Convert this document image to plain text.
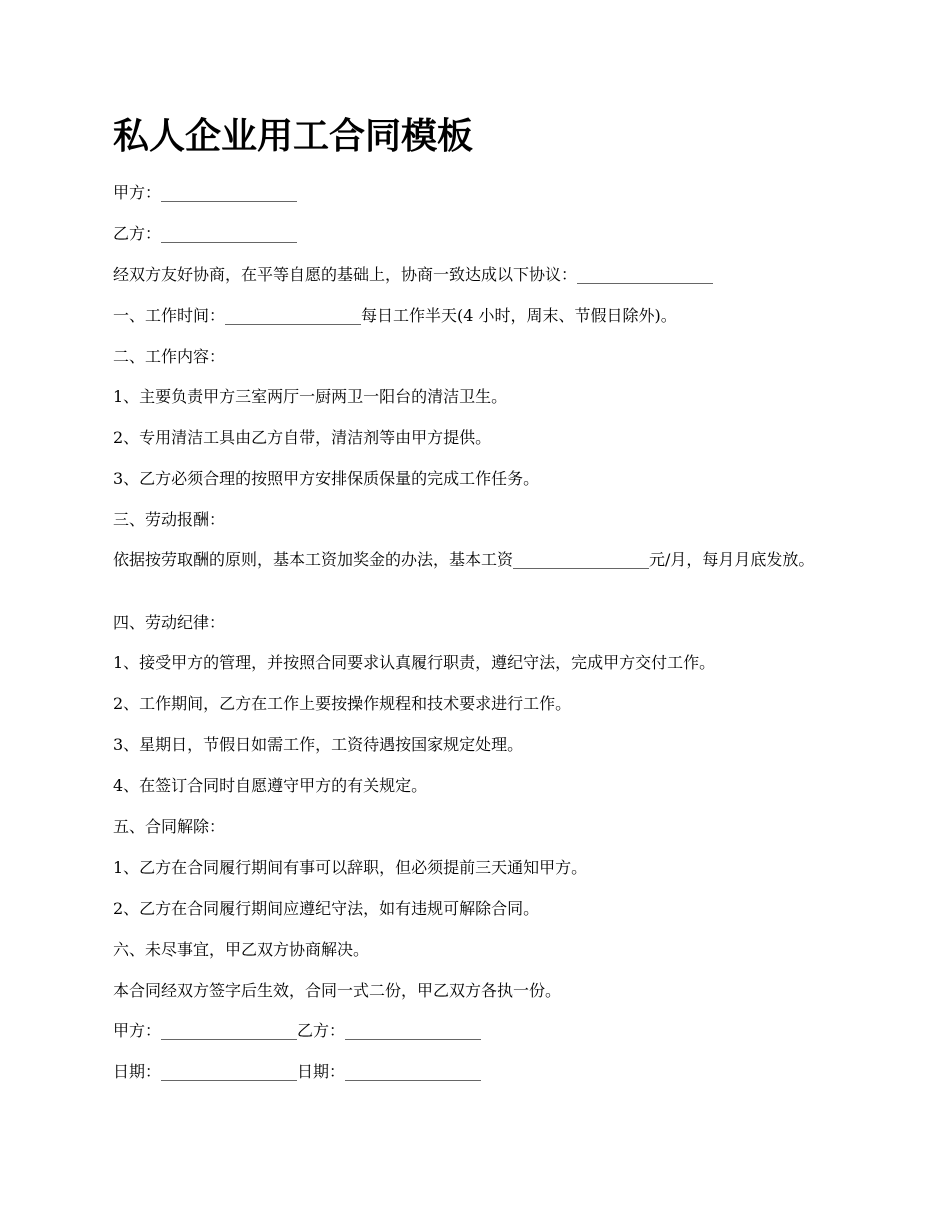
私人企业用工合同模板

甲方：_________________

乙方：_________________

经双方友好协商，在平等自愿的基础上，协商一致达成以下协议：_________________

一、工作时间：_________________每日工作半天(4 小时，周末、节假日除外)。

二、工作内容：

1、主要负责甲方三室两厅一厨两卫一阳台的清洁卫生。

2、专用清洁工具由乙方自带，清洁剂等由甲方提供。

3、乙方必须合理的按照甲方安排保质保量的完成工作任务。

三、劳动报酬：

依据按劳取酬的原则，基本工资加奖金的办法，基本工资_________________元/月，每月月底发放。

四、劳动纪律：

1、接受甲方的管理，并按照合同要求认真履行职责，遵纪守法，完成甲方交付工作。

2、工作期间，乙方在工作上要按操作规程和技术要求进行工作。

3、星期日，节假日如需工作，工资待遇按国家规定处理。

4、在签订合同时自愿遵守甲方的有关规定。

五、合同解除：

1、乙方在合同履行期间有事可以辞职，但必须提前三天通知甲方。

2、乙方在合同履行期间应遵纪守法，如有违规可解除合同。

六、未尽事宜，甲乙双方协商解决。

本合同经双方签字后生效，合同一式二份，甲乙双方各执一份。

甲方：_________________乙方：_________________

日期：_________________日期：_________________
